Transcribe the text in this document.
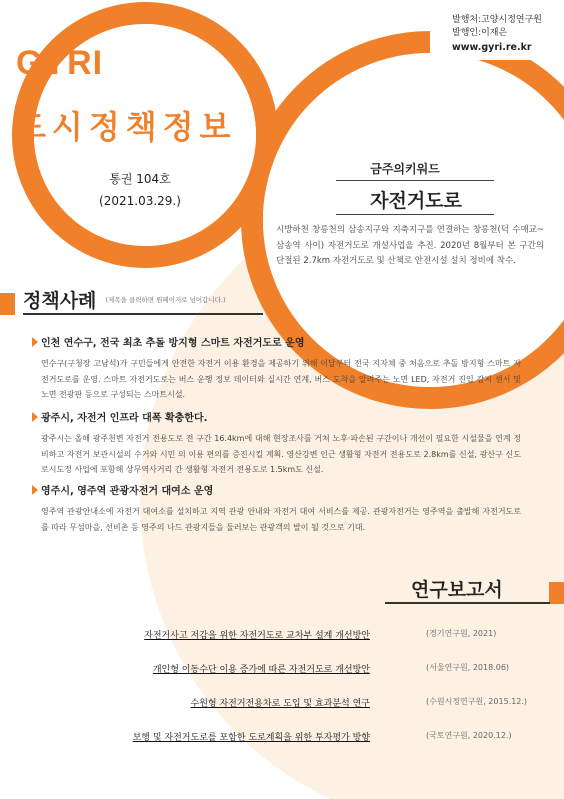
발행처:고양시정연구원
발행인:이재은
www.gyri.re.kr
GYRI
도시정책정보
통권 104호
(2021.03.29.)
금주의키워드
자전거도로
시방하천 창릉천의 삼송지구와 지축지구를 연결하는 창릉천(덕 수매교~삼송역 사이) 자전거도로 개설사업을 추진. 2020년 8월부터 본 구간의 단절된 2.7km 자전거도로 및 산책로 안전시설 설치 정비에 착수.
정책사례 (제목을 클릭하면 원페이지로 넘어갑니다.)
인천 연수구, 전국 최초 추돌 방지형 스마트 자전거도로 운영
연수구(구청장 고남석)가 구민들에게 안전한 자전거 이용 환경을 제공하기 위해 이달부터 전국 지자체 중 처음으로 추돌 방지형 스마트 자전거도로를 운영. 스마트 자전거도로는 버스 운행 정보 데이터와 실시간 연계, 버스 도착을 알려주는 노면 LED, 자전거 진입 감지 센서 및 노면 전광판 등으로 구성되는 스마트시설.
광주시, 자전거 인프라 대폭 확충한다.
광주시는 올해 광주천변 자전거 전용도로 전 구간 16.4km에 대해 현장조사를 거쳐 노후·파손된 구간이나 개선이 필요한 시설물을 연계 정비하고 자전거 보관시설의 수거와 시민 의 이용 편의를 증진시킬 계획. 영산강변 인근 생활형 자전거 전용도로 2.8km를 신설, 광산구 신도로시도정 사업에 포함해 상무역사거리 간 생활형 자전거 전용도로 1.5km도 신설.
영주시, 영주역 관광자전거 대여소 운영
영주역 관광안내소에 자전거 대여소를 설치하고 지역 관광 안내와 자전거 대여 서비스를 제공. 관광자전거는 영주역을 출발해 자전거도로를 따라 무섬마을, 선비촌 등 영주의 나드 관광지들을 둘러보는 관광객의 발이 될 것으로 기대.
연구보고서
자전거사고 저감을 위한 자전거도로 교차부 설계 개선방안	(경기연구원, 2021)
개인형 이동수단 이용 증가에 따른 자전거도로 개선방안	(서울연구원, 2018.06)
수원형 자전거전용차로 도입 및 효과분석 연구	(수원시정연구원, 2015.12.)
보행 및 자전거도로를 포함한 도로계획을 위한 투자평가 방향	(국토연구원, 2020.12.)
